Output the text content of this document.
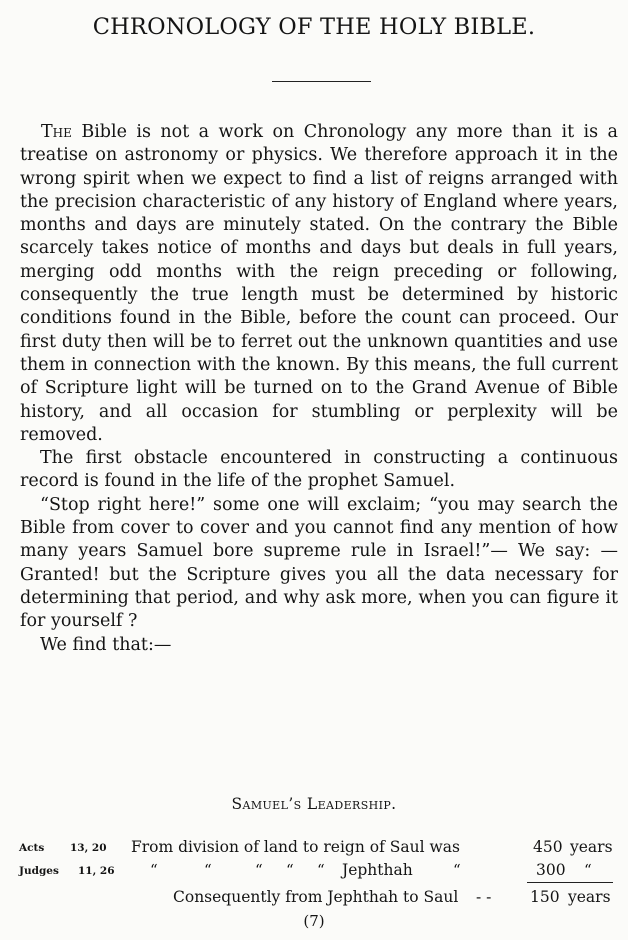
CHRONOLOGY OF THE HOLY BIBLE.

The Bible is not a work on Chronology any more than it is a treatise on astronomy or physics. We therefore approach it in the wrong spirit when we expect to find a list of reigns arranged with the precision characteristic of any history of England where years, months and days are minutely stated. On the contrary the Bible scarcely takes notice of months and days but deals in full years, merging odd months with the reign preceding or following, consequently the true length must be determined by historic conditions found in the Bible, before the count can proceed. Our first duty then will be to ferret out the unknown quantities and use them in connection with the known. By this means, the full current of Scripture light will be turned on to the Grand Avenue of Bible history, and all occasion for stumbling or perplexity will be removed.

The first obstacle encountered in constructing a continuous record is found in the life of the prophet Samuel.

“Stop right here!” some one will exclaim; “you may search the Bible from cover to cover and you cannot find any mention of how many years Samuel bore supreme rule in Israel!”— We say: — Granted! but the Scripture gives you all the data necessary for determining that period, and why ask more, when you can figure it for yourself ?

We find that:—

Samuel’s Leadership.
Acts 13, 20 From division of land to reign of Saul was	450 years
Judges 11, 26 “	“	“ “ “ Jephthah	“	300 “
Consequently from Jephthah to Saul - - 150 years
(7)
